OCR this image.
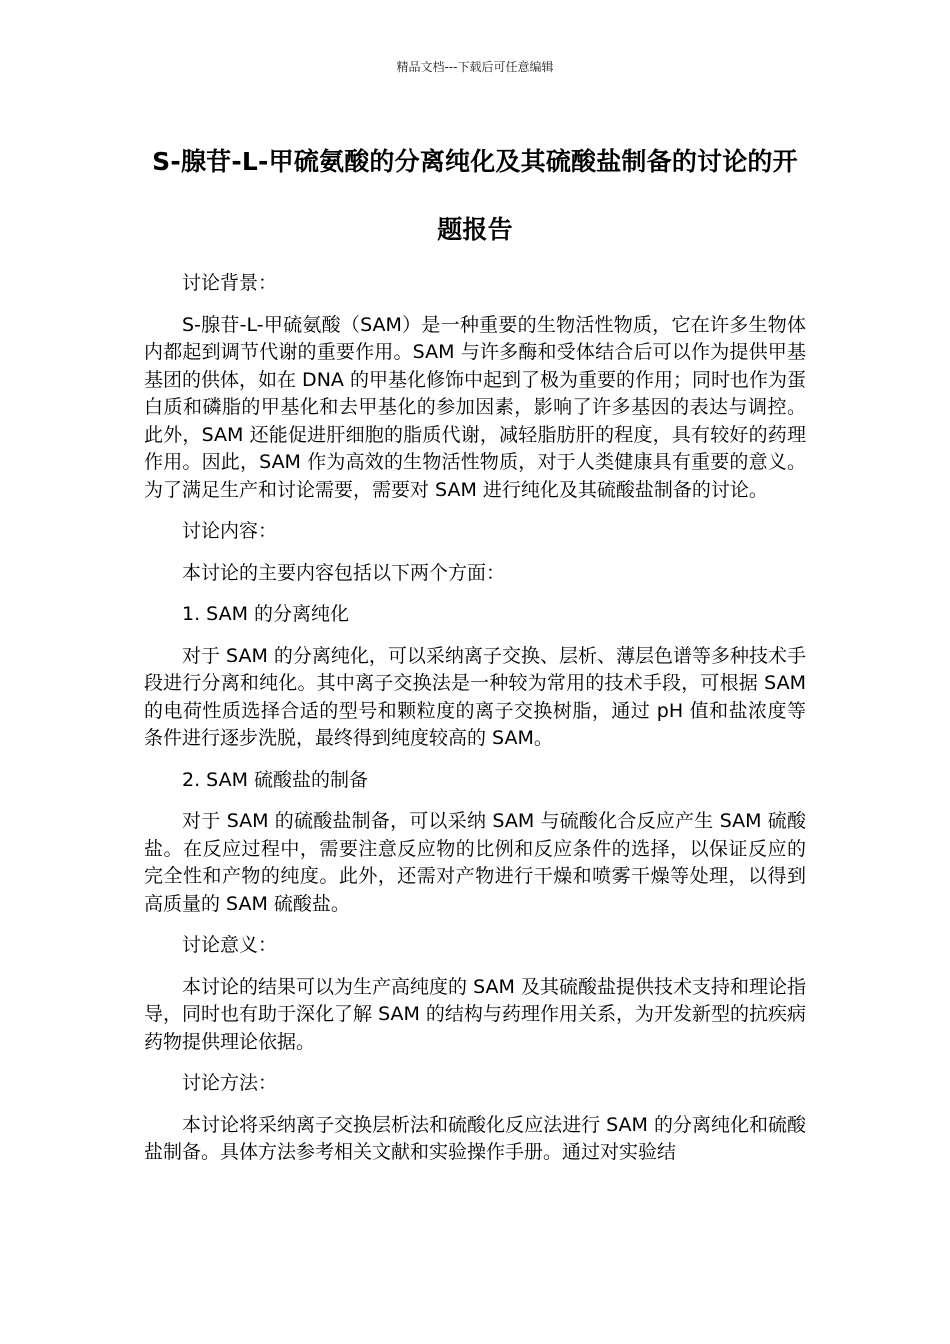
精品文档---下载后可任意编辑

S-腺苷-L-甲硫氨酸的分离纯化及其硫酸盐制备的讨论的开题报告

讨论背景：

S-腺苷-L-甲硫氨酸（SAM）是一种重要的生物活性物质，它在许多生物体内都起到调节代谢的重要作用。SAM 与许多酶和受体结合后可以作为提供甲基基团的供体，如在 DNA 的甲基化修饰中起到了极为重要的作用；同时也作为蛋白质和磷脂的甲基化和去甲基化的参加因素，影响了许多基因的表达与调控。此外，SAM 还能促进肝细胞的脂质代谢，减轻脂肪肝的程度，具有较好的药理作用。因此，SAM 作为高效的生物活性物质，对于人类健康具有重要的意义。为了满足生产和讨论需要，需要对 SAM 进行纯化及其硫酸盐制备的讨论。

讨论内容：

本讨论的主要内容包括以下两个方面：

1. SAM 的分离纯化

对于 SAM 的分离纯化，可以采纳离子交换、层析、薄层色谱等多种技术手段进行分离和纯化。其中离子交换法是一种较为常用的技术手段，可根据 SAM 的电荷性质选择合适的型号和颗粒度的离子交换树脂，通过 pH 值和盐浓度等条件进行逐步洗脱，最终得到纯度较高的 SAM。

2. SAM 硫酸盐的制备

对于 SAM 的硫酸盐制备，可以采纳 SAM 与硫酸化合反应产生 SAM 硫酸盐。在反应过程中，需要注意反应物的比例和反应条件的选择，以保证反应的完全性和产物的纯度。此外，还需对产物进行干燥和喷雾干燥等处理，以得到高质量的 SAM 硫酸盐。

讨论意义：

本讨论的结果可以为生产高纯度的 SAM 及其硫酸盐提供技术支持和理论指导，同时也有助于深化了解 SAM 的结构与药理作用关系，为开发新型的抗疾病药物提供理论依据。

讨论方法：

本讨论将采纳离子交换层析法和硫酸化反应法进行 SAM 的分离纯化和硫酸盐制备。具体方法参考相关文献和实验操作手册。通过对实验结
